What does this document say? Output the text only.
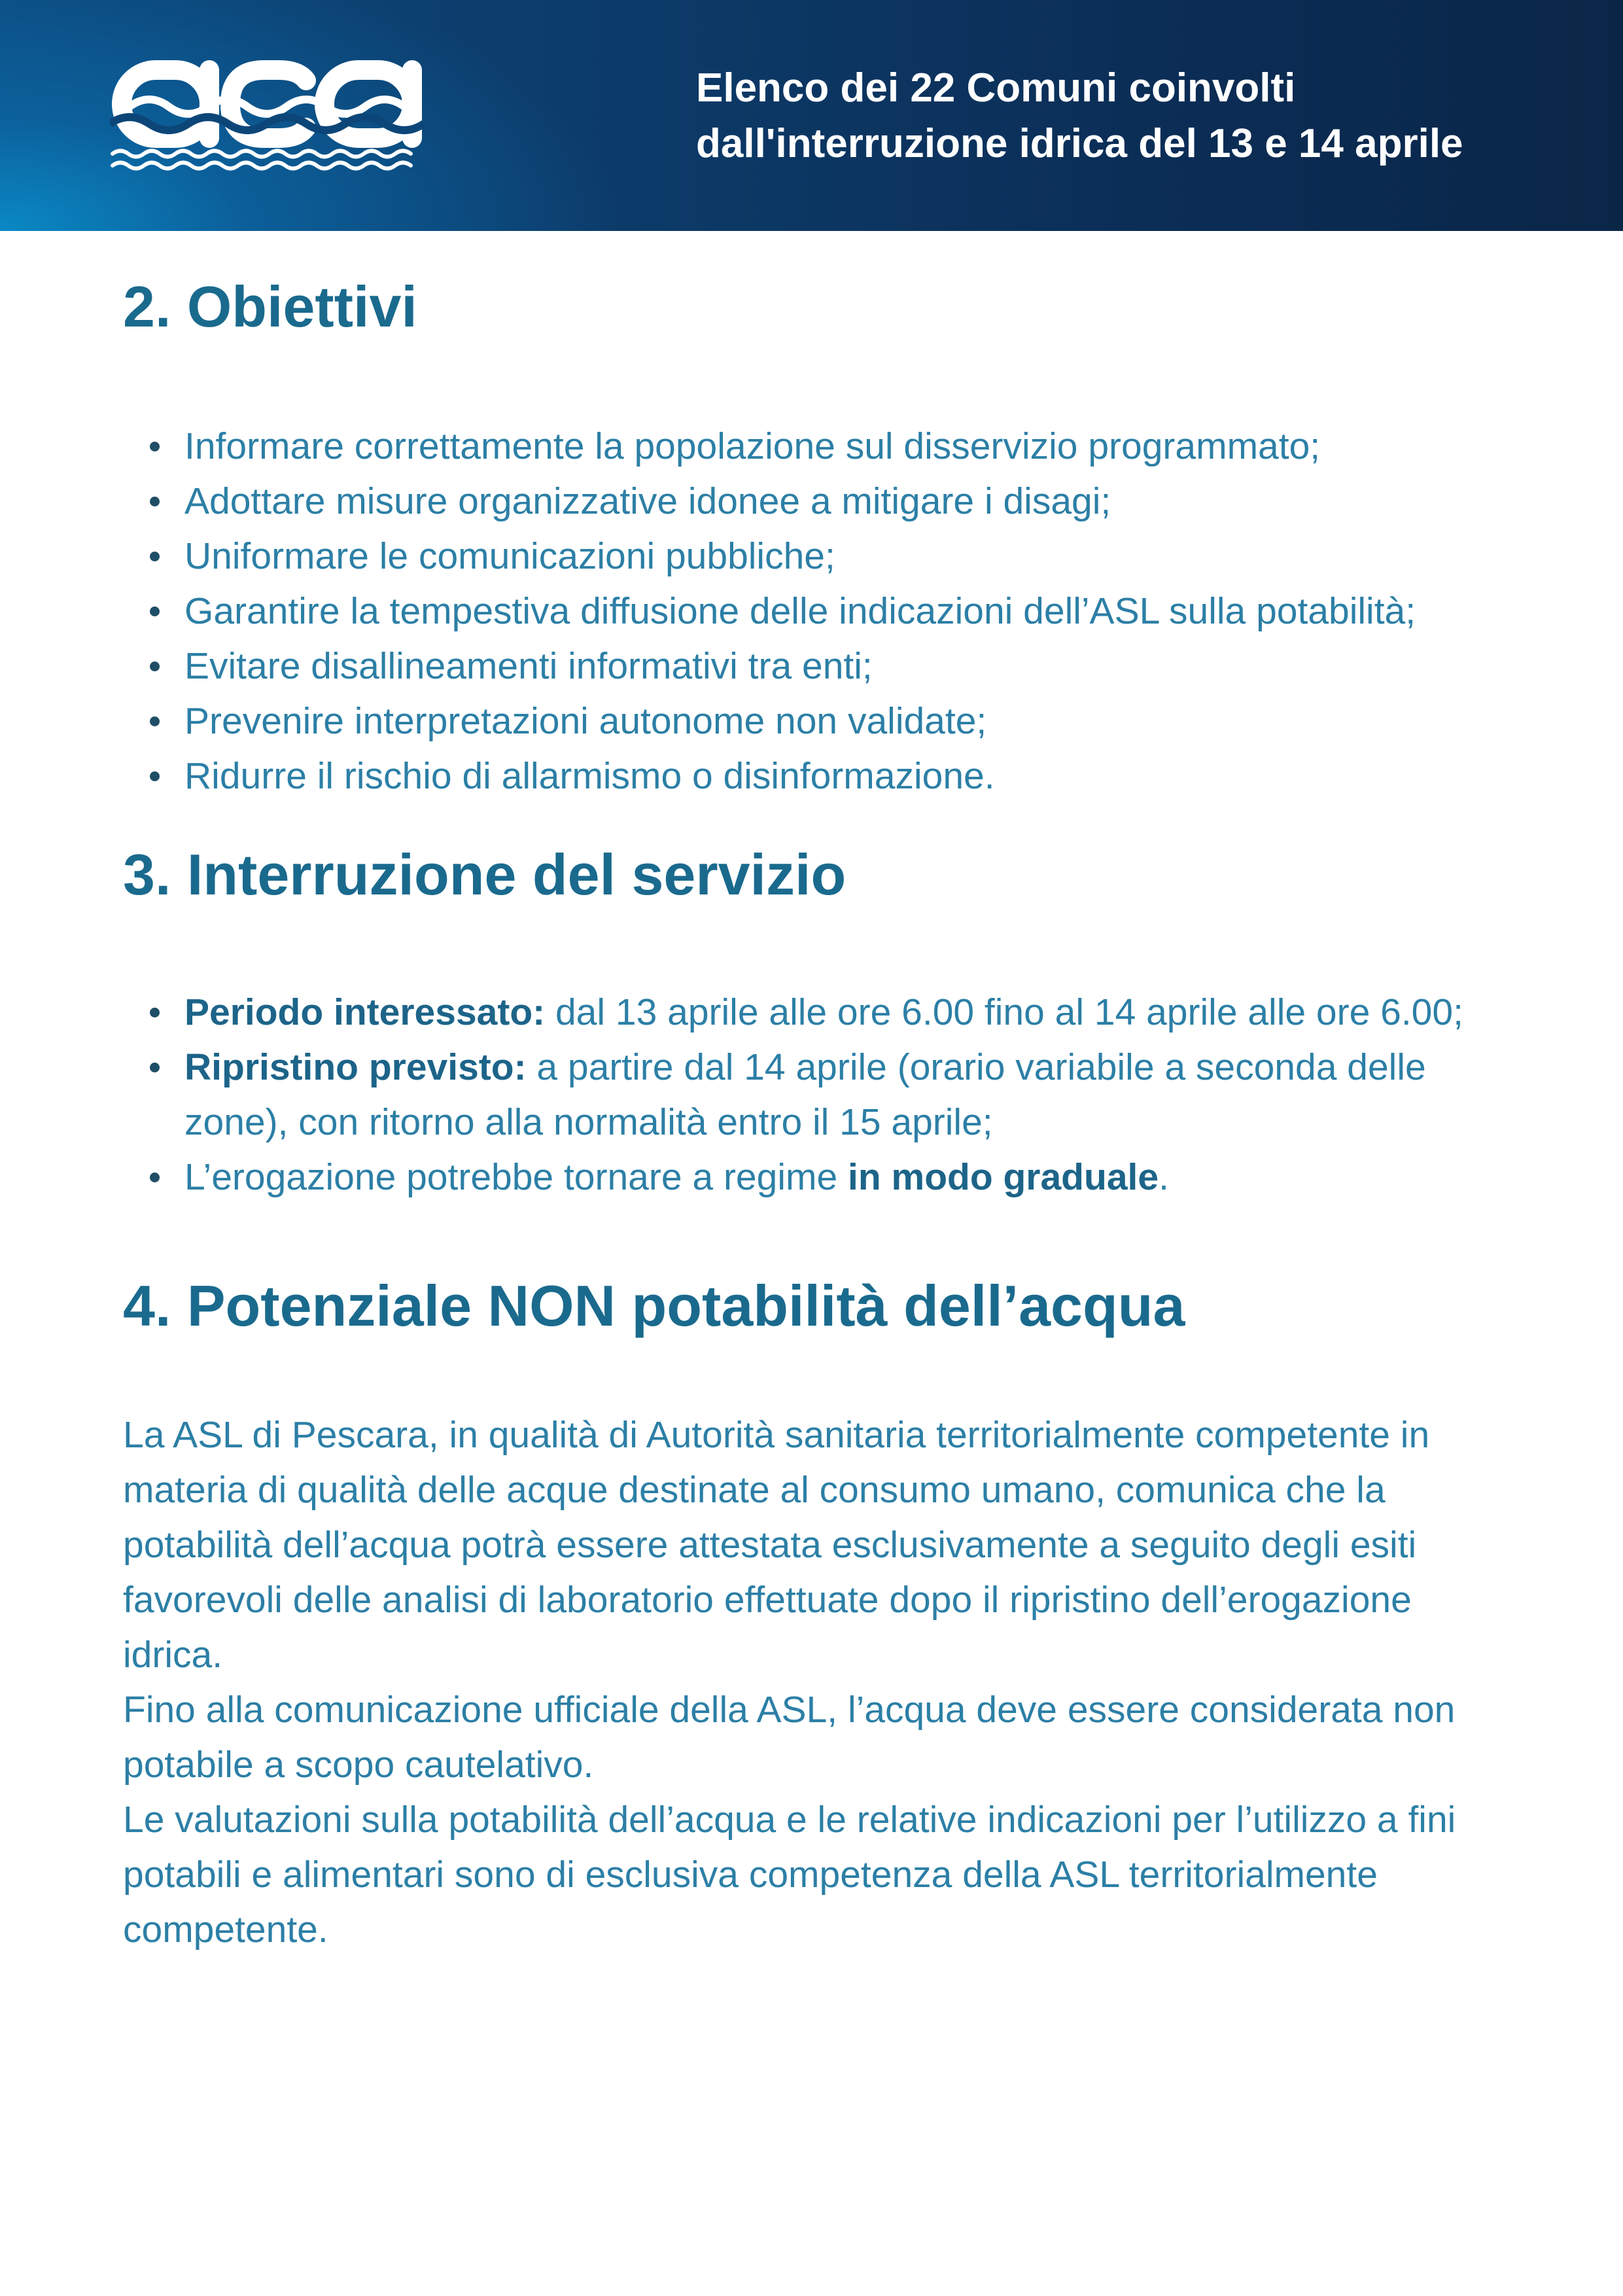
Elenco dei 22 Comuni coinvolti
dall'interruzione idrica del 13 e 14 aprile
2. Obiettivi
Informare correttamente la popolazione sul disservizio programmato;
Adottare misure organizzative idonee a mitigare i disagi;
Uniformare le comunicazioni pubbliche;
Garantire la tempestiva diffusione delle indicazioni dell’ASL sulla potabilità;
Evitare disallineamenti informativi tra enti;
Prevenire interpretazioni autonome non validate;
Ridurre il rischio di allarmismo o disinformazione.
3. Interruzione del servizio
Periodo interessato: dal 13 aprile alle ore 6.00 fino al 14 aprile alle ore 6.00;
Ripristino previsto: a partire dal 14 aprile (orario variabile a seconda delle
zone), con ritorno alla normalità entro il 15 aprile;
L’erogazione potrebbe tornare a regime in modo graduale.
4. Potenziale NON potabilità dell’acqua
La ASL di Pescara, in qualità di Autorità sanitaria territorialmente competente in
materia di qualità delle acque destinate al consumo umano, comunica che la
potabilità dell’acqua potrà essere attestata esclusivamente a seguito degli esiti
favorevoli delle analisi di laboratorio effettuate dopo il ripristino dell’erogazione
idrica.
Fino alla comunicazione ufficiale della ASL, l’acqua deve essere considerata non
potabile a scopo cautelativo.
Le valutazioni sulla potabilità dell’acqua e le relative indicazioni per l’utilizzo a fini
potabili e alimentari sono di esclusiva competenza della ASL territorialmente
competente.
